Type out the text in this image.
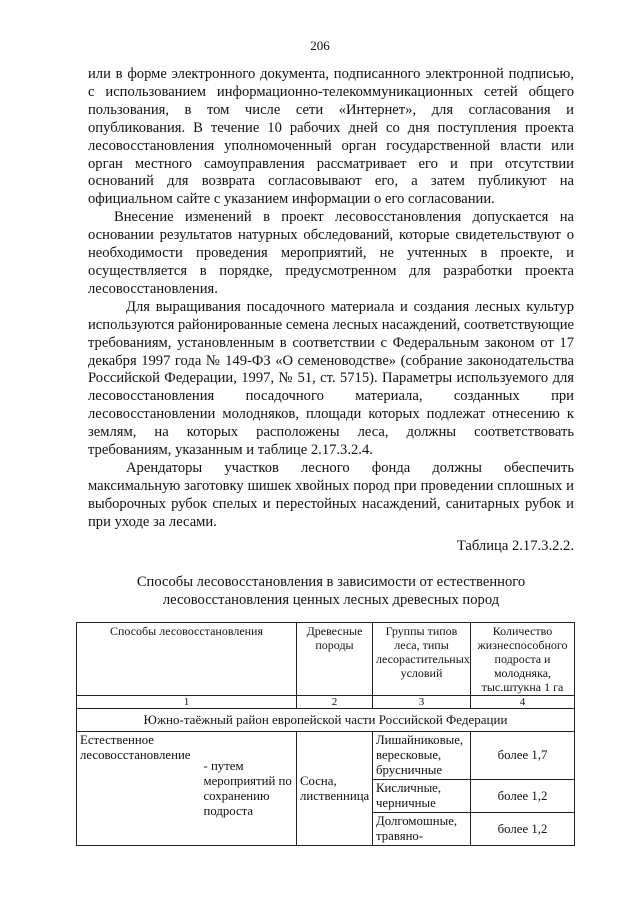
206

или в форме электронного документа, подписанного электронной подписью, с использованием информационно-телекоммуникационных сетей общего пользования, в том числе сети «Интернет», для согласования и опубликования. В течение 10 рабочих дней со дня поступления проекта лесовосстановления уполномоченный орган государственной власти или орган местного самоуправления рассматривает его и при отсутствии оснований для возврата согласовывают его, а затем публикуют на официальном сайте с указанием информации о его согласовании.

Внесение изменений в проект лесовосстановления допускается на основании результатов натурных обследований, которые свидетельствуют о необходимости проведения мероприятий, не учтенных в проекте, и осуществляется в порядке, предусмотренном для разработки проекта лесовосстановления.

Для выращивания посадочного материала и создания лесных культур используются районированные семена лесных насаждений, соответствующие требованиям, установленным в соответствии с Федеральным законом от 17 декабря 1997 года № 149-ФЗ «О семеноводстве» (собрание законодательства Российской Федерации, 1997, № 51, ст. 5715). Параметры используемого для лесовосстановления посадочного материала, созданных при лесовосстановлении молодняков, площади которых подлежат отнесению к землям, на которых расположены леса, должны соответствовать требованиям, указанным и таблице 2.17.3.2.4.

Арендаторы участков лесного фонда должны обеспечить максимальную заготовку шишек хвойных пород при проведении сплошных и выборочных рубок спелых и перестойных насаждений, санитарных рубок и при уходе за лесами.

Таблица 2.17.3.2.2.
Способы лесовосстановления в зависимости от естественного
лесовосстановления ценных лесных древесных пород
Способы лесовосстановления		Древесные породы	Группы типов леса, типы лесорастительных условий	Количество жизнеспособного подроста и молодняка, тыс.штукна 1 га
1		2	3	4
Южно-таёжный район европейской части Российской Федерации				
Естественное лесовосстановление	- путем мероприятий по сохранению подроста	Сосна, лиственница	Лишайниковые, вересковые, брусничные	более 1,7
			Кисличные, черничные	более 1,2
			Долгомошные, травяно-	более 1,2
